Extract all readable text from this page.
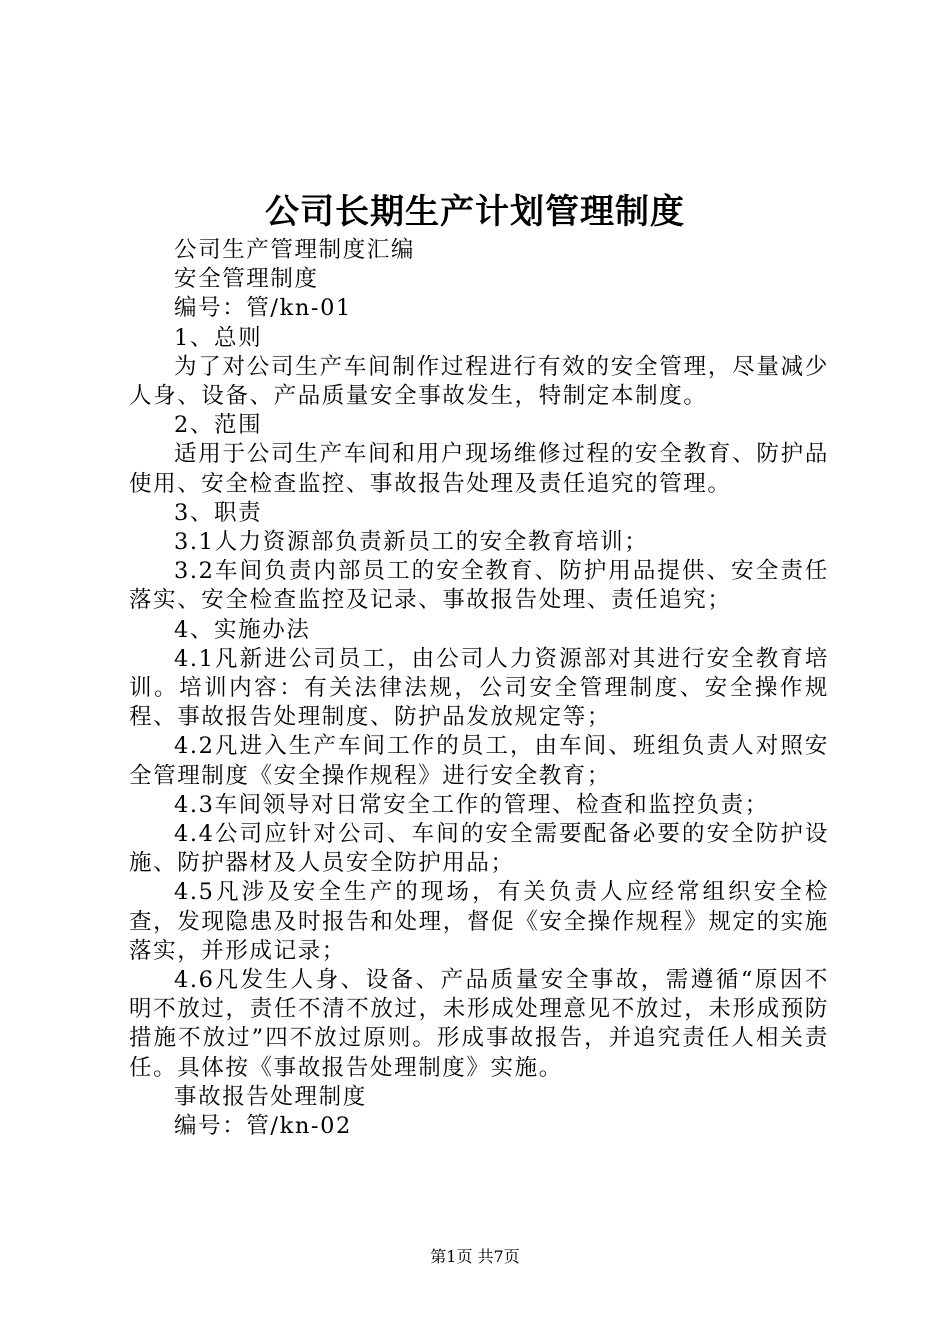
公司长期生产计划管理制度

公司生产管理制度汇编

安全管理制度

编号：管/kn-01

1、总则

为了对公司生产车间制作过程进行有效的安全管理，尽量减少人身、设备、产品质量安全事故发生，特制定本制度。

2、范围

适用于公司生产车间和用户现场维修过程的安全教育、防护品使用、安全检查监控、事故报告处理及责任追究的管理。

3、职责

3.1人力资源部负责新员工的安全教育培训；

3.2车间负责内部员工的安全教育、防护用品提供、安全责任落实、安全检查监控及记录、事故报告处理、责任追究；

4、实施办法

4.1凡新进公司员工，由公司人力资源部对其进行安全教育培训。培训内容：有关法律法规，公司安全管理制度、安全操作规程、事故报告处理制度、防护品发放规定等；

4.2凡进入生产车间工作的员工，由车间、班组负责人对照安全管理制度《安全操作规程》进行安全教育；

4.3车间领导对日常安全工作的管理、检查和监控负责；

4.4公司应针对公司、车间的安全需要配备必要的安全防护设施、防护器材及人员安全防护用品；

4.5凡涉及安全生产的现场，有关负责人应经常组织安全检查，发现隐患及时报告和处理，督促《安全操作规程》规定的实施落实，并形成记录；

4.6凡发生人身、设备、产品质量安全事故，需遵循“原因不明不放过，责任不清不放过，未形成处理意见不放过，未形成预防措施不放过”四不放过原则。形成事故报告，并追究责任人相关责任。具体按《事故报告处理制度》实施。

事故报告处理制度

编号：管/kn-02

第1页 共7页
